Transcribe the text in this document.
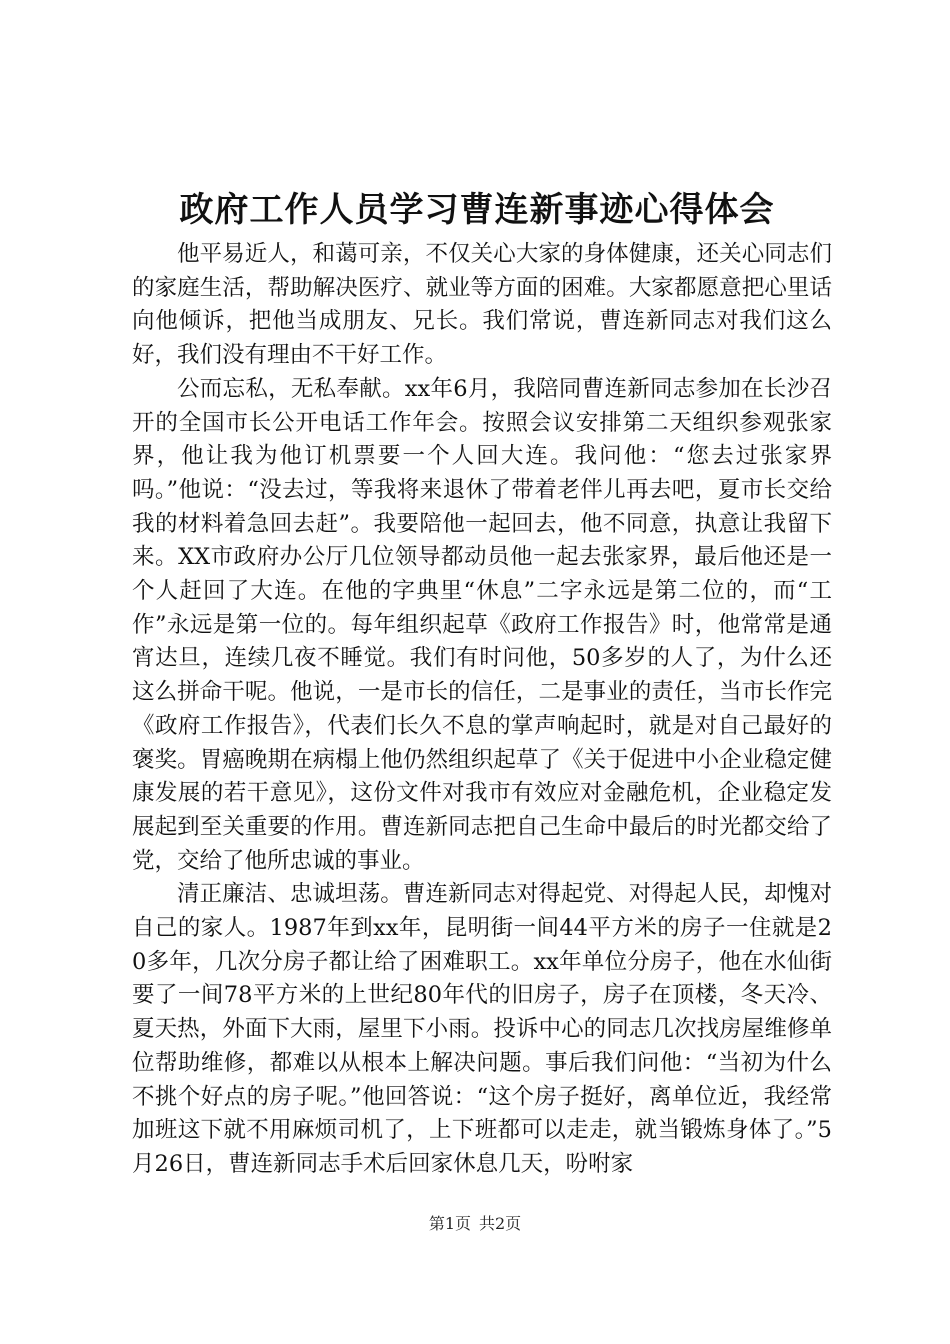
政府工作人员学习曹连新事迹心得体会

他平易近人，和蔼可亲，不仅关心大家的身体健康，还关心同志们的家庭生活，帮助解决医疗、就业等方面的困难。大家都愿意把心里话向他倾诉，把他当成朋友、兄长。我们常说，曹连新同志对我们这么好，我们没有理由不干好工作。

公而忘私，无私奉献。xx年6月，我陪同曹连新同志参加在长沙召开的全国市长公开电话工作年会。按照会议安排第二天组织参观张家界，他让我为他订机票要一个人回大连。我问他：“您去过张家界吗。”他说：“没去过，等我将来退休了带着老伴儿再去吧，夏市长交给我的材料着急回去赶”。我要陪他一起回去，他不同意，执意让我留下来。XX市政府办公厅几位领导都动员他一起去张家界，最后他还是一个人赶回了大连。在他的字典里“休息”二字永远是第二位的，而“工作”永远是第一位的。每年组织起草《政府工作报告》时，他常常是通宵达旦，连续几夜不睡觉。我们有时问他，50多岁的人了，为什么还这么拼命干呢。他说，一是市长的信任，二是事业的责任，当市长作完《政府工作报告》，代表们长久不息的掌声响起时，就是对自己最好的褒奖。胃癌晚期在病榻上他仍然组织起草了《关于促进中小企业稳定健康发展的若干意见》，这份文件对我市有效应对金融危机，企业稳定发展起到至关重要的作用。曹连新同志把自己生命中最后的时光都交给了党，交给了他所忠诚的事业。

清正廉洁、忠诚坦荡。曹连新同志对得起党、对得起人民，却愧对自己的家人。1987年到xx年，昆明街一间44平方米的房子一住就是20多年，几次分房子都让给了困难职工。xx年单位分房子，他在水仙街要了一间78平方米的上世纪80年代的旧房子，房子在顶楼，冬天冷、夏天热，外面下大雨，屋里下小雨。投诉中心的同志几次找房屋维修单位帮助维修，都难以从根本上解决问题。事后我们问他：“当初为什么不挑个好点的房子呢。”他回答说：“这个房子挺好，离单位近，我经常加班这下就不用麻烦司机了，上下班都可以走走，就当锻炼身体了。”5月26日，曹连新同志手术后回家休息几天，吩咐家

第1页 共2页
